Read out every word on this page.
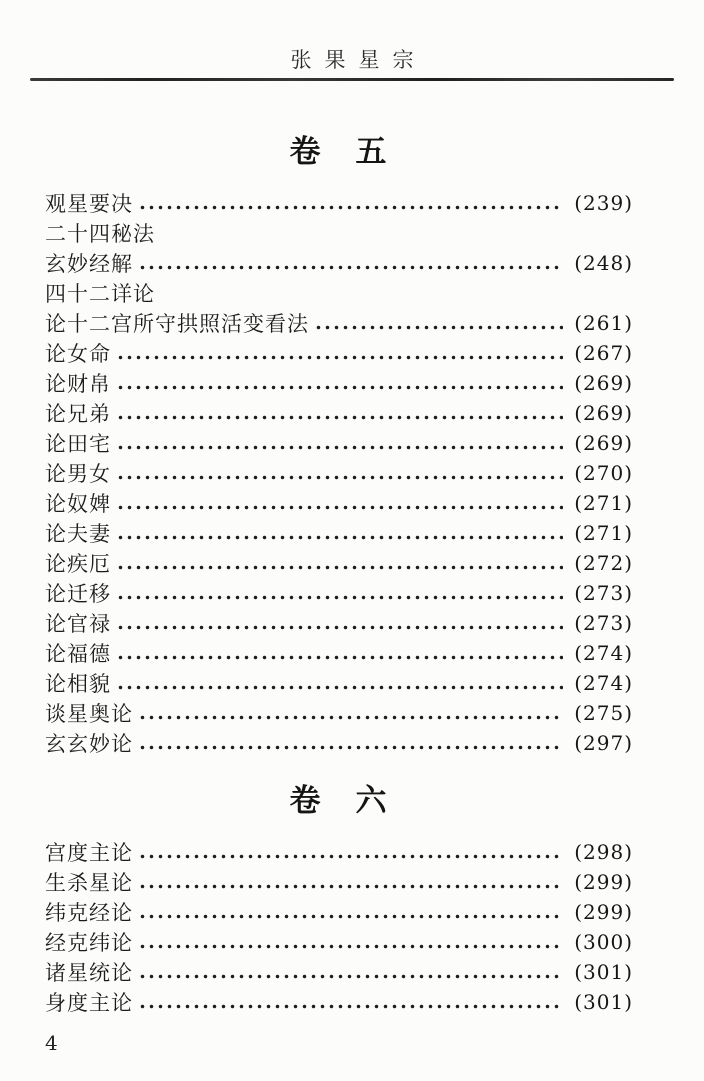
张果星宗
卷　五
观星要决	(239)
二十四秘法
玄妙经解	(248)
四十二详论
论十二宫所守拱照活变看法	(261)
论女命	(267)
论财帛	(269)
论兄弟	(269)
论田宅	(269)
论男女	(270)
论奴婢	(271)
论夫妻	(271)
论疾厄	(272)
论迁移	(273)
论官禄	(273)
论福德	(274)
论相貌	(274)
谈星奥论	(275)
玄玄妙论	(297)
卷　六
宫度主论	(298)
生杀星论	(299)
纬克经论	(299)
经克纬论	(300)
诸星统论	(301)
身度主论	(301)
4
